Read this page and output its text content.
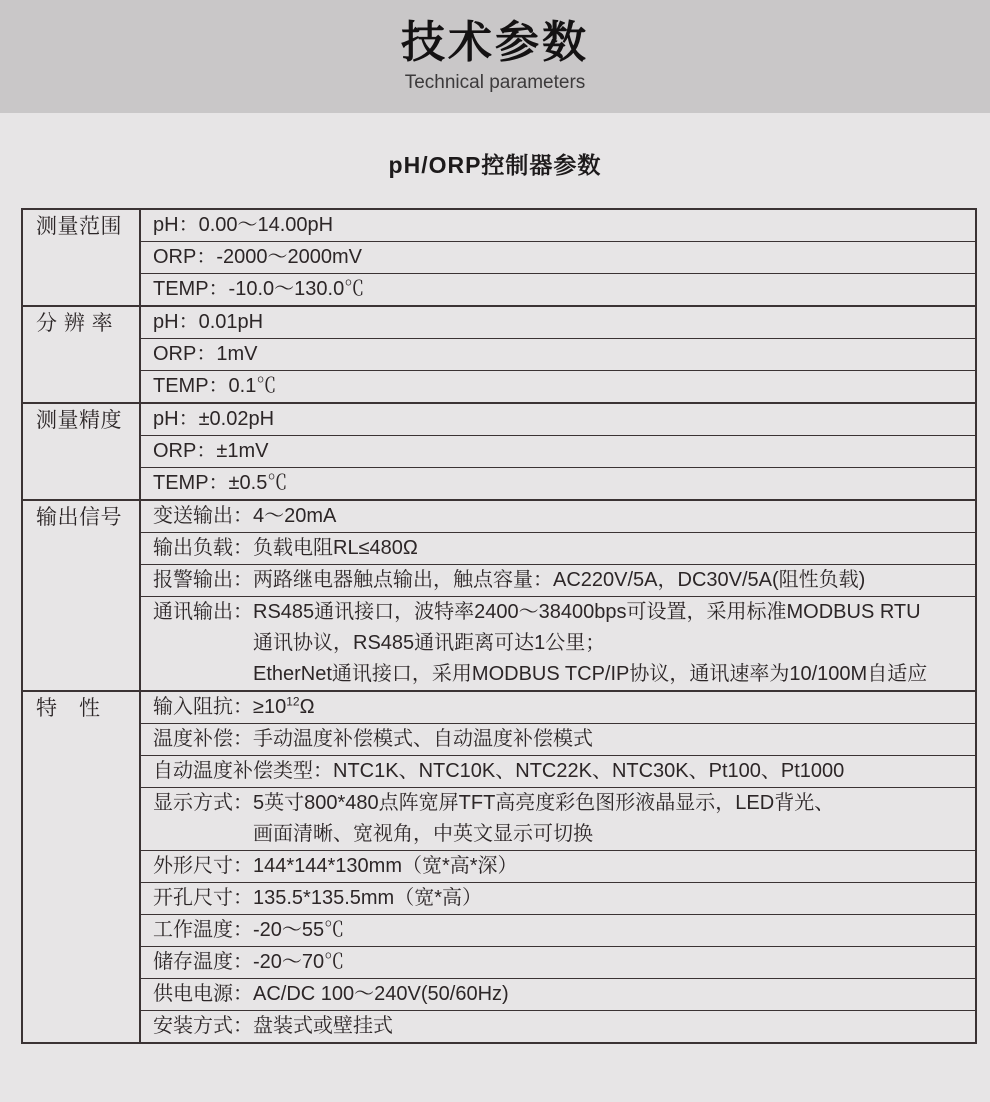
技术参数
Technical parameters
pH/ORP控制器参数
测量范围	pH：0.00～14.00pH
ORP：-2000～2000mV
TEMP：-10.0～130.0℃
分 辨 率	pH：0.01pH
ORP：1mV
TEMP：0.1℃
测量精度	pH：±0.02pH
ORP：±1mV
TEMP：±0.5℃
输出信号	变送输出：4～20mA
输出负载：负载电阻RL≤480Ω
报警输出：两路继电器触点输出，触点容量：AC220V/5A，DC30V/5A(阻性负载)
通讯输出： RS485通讯接口，波特率2400～38400bps可设置，采用标准MODBUS RTU
通讯协议，RS485通讯距离可达1公里；
EtherNet通讯接口，采用MODBUS TCP/IP协议，通讯速率为10/100M自适应
特　性	输入阻抗：$\ge 10^{12}\Omega$
温度补偿：手动温度补偿模式、自动温度补偿模式
自动温度补偿类型：NTC1K、NTC10K、NTC22K、NTC30K、Pt100、Pt1000
显示方式： 5英寸800*480点阵宽屏TFT高亮度彩色图形液晶显示，LED背光、
画面清晰、宽视角，中英文显示可切换
外形尺寸：144*144*130mm（宽*高*深）
开孔尺寸：135.5*135.5mm（宽*高）
工作温度：-20～55℃
储存温度：-20～70℃
供电电源：AC/DC 100～240V(50/60Hz)
安装方式：盘装式或壁挂式
